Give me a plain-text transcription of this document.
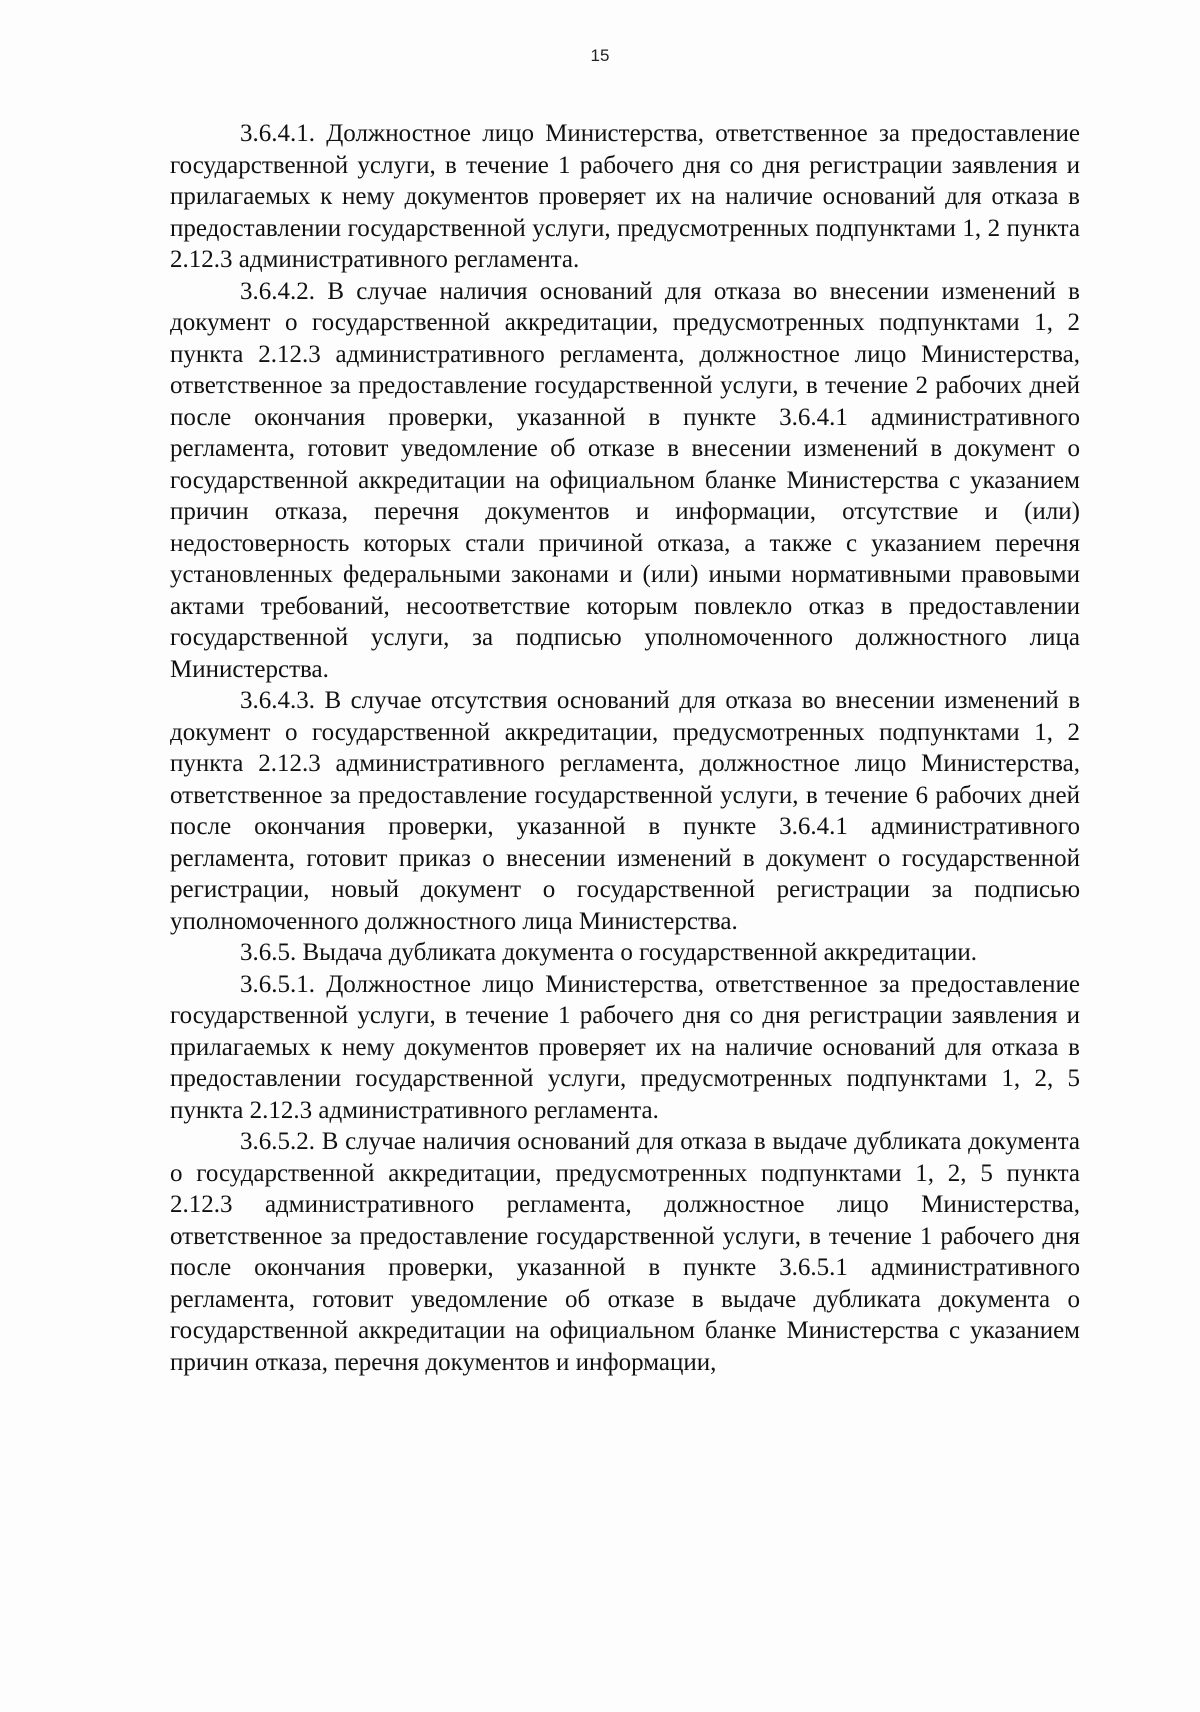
15

3.6.4.1. Должностное лицо Министерства, ответственное за предоставление государственной услуги, в течение 1 рабочего дня со дня регистрации заявления и прилагаемых к нему документов проверяет их на наличие оснований для отказа в предоставлении государственной услуги, предусмотренных подпунктами 1, 2 пункта 2.12.3 административного регламента.

3.6.4.2. В случае наличия оснований для отказа во внесении изменений в документ о государственной аккредитации, предусмотренных подпунктами 1, 2 пункта 2.12.3 административного регламента, должностное лицо Министерства, ответственное за предоставление государственной услуги, в течение 2 рабочих дней после окончания проверки, указанной в пункте 3.6.4.1 административного регламента, готовит уведомление об отказе в внесении изменений в документ о государственной аккредитации на официальном бланке Министерства с указанием причин отказа, перечня документов и информации, отсутствие и (или) недостоверность которых стали причиной отказа, а также с указанием перечня установленных федеральными законами и (или) иными нормативными правовыми актами требований, несоответствие которым повлекло отказ в предоставлении государственной услуги, за подписью уполномоченного должностного лица Министерства.

3.6.4.3. В случае отсутствия оснований для отказа во внесении изменений в документ о государственной аккредитации, предусмотренных подпунктами 1, 2 пункта 2.12.3 административного регламента, должностное лицо Министерства, ответственное за предоставление государственной услуги, в течение 6 рабочих дней после окончания проверки, указанной в пункте 3.6.4.1 административного регламента, готовит приказ о внесении изменений в документ о государственной регистрации, новый документ о государственной регистрации за подписью уполномоченного должностного лица Министерства.

3.6.5. Выдача дубликата документа о государственной аккредитации.

3.6.5.1. Должностное лицо Министерства, ответственное за предоставление государственной услуги, в течение 1 рабочего дня со дня регистрации заявления и прилагаемых к нему документов проверяет их на наличие оснований для отказа в предоставлении государственной услуги, предусмотренных подпунктами 1, 2, 5 пункта 2.12.3 административного регламента.

3.6.5.2. В случае наличия оснований для отказа в выдаче дубликата документа о государственной аккредитации, предусмотренных подпунктами 1, 2, 5 пункта 2.12.3 административного регламента, должностное лицо Министерства, ответственное за предоставление государственной услуги, в течение 1 рабочего дня после окончания проверки, указанной в пункте 3.6.5.1 административного регламента, готовит уведомление об отказе в выдаче дубликата документа о государственной аккредитации на официальном бланке Министерства с указанием причин отказа, перечня документов и информации,
